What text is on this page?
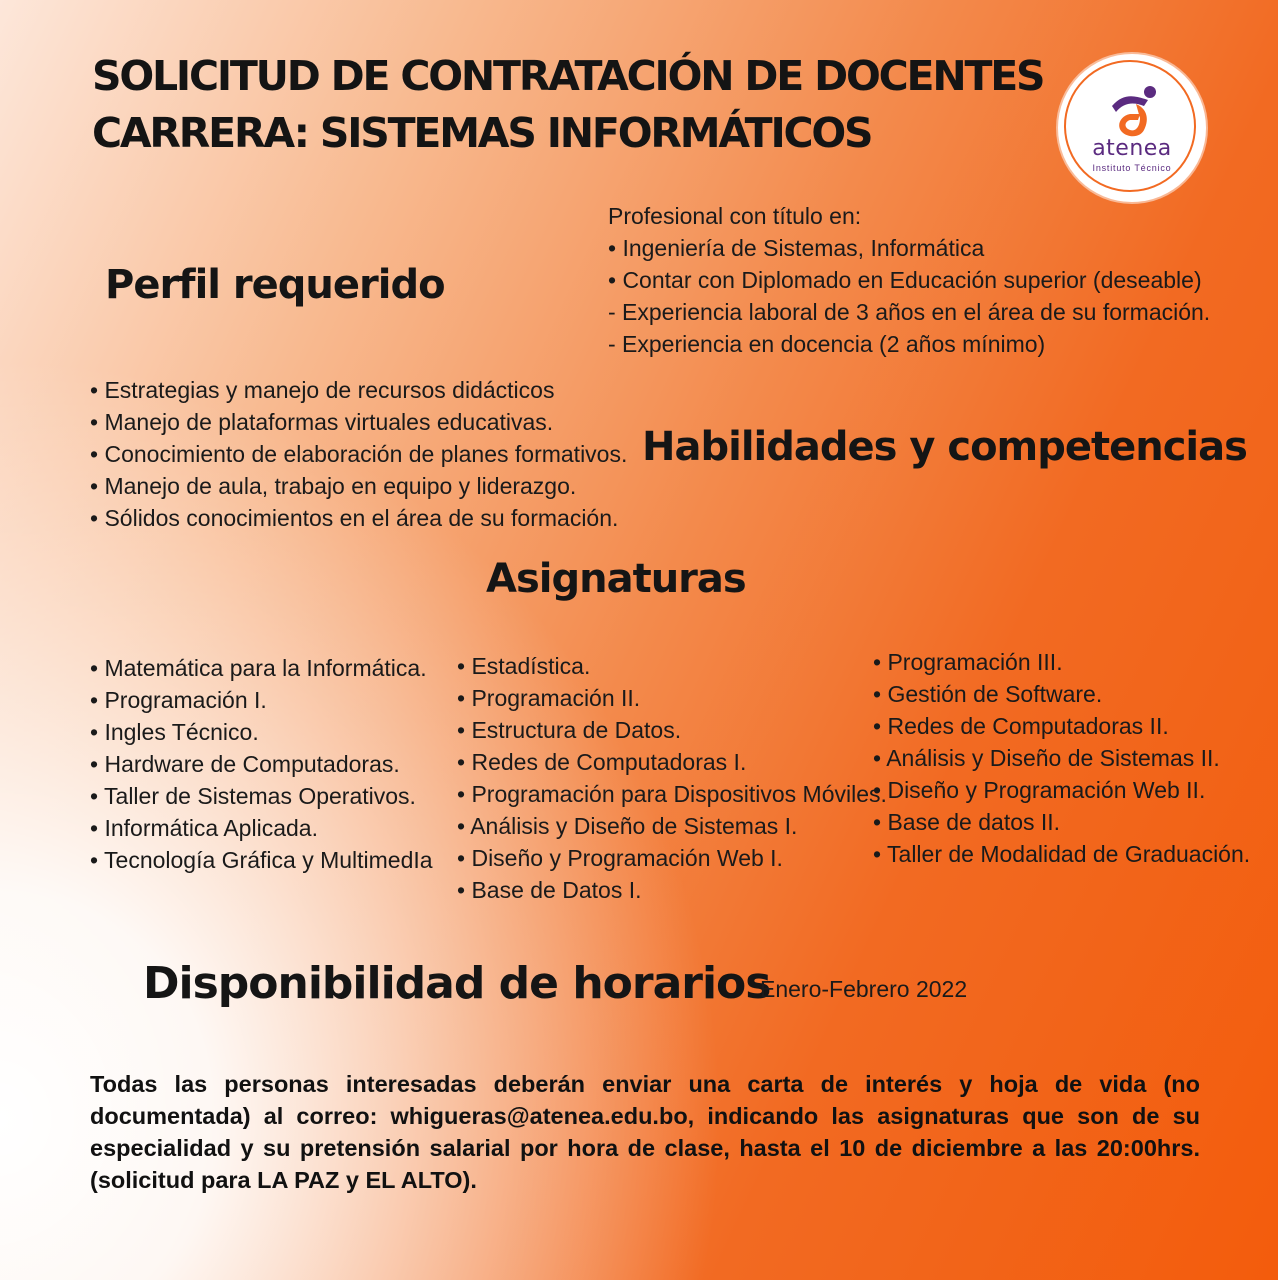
SOLICITUD DE CONTRATACIÓN DE DOCENTES
CARRERA: SISTEMAS INFORMÁTICOS	atenea
Instituto Técnico
Perfil requerido
Profesional con título en:
• Ingeniería de Sistemas, Informática
• Contar con Diplomado en Educación superior (deseable)
- Experiencia laboral de 3 años en el área de su formación.
- Experiencia en docencia (2 años mínimo)
• Estrategias y manejo de recursos didácticos
• Manejo de plataformas virtuales educativas.
• Conocimiento de elaboración de planes formativos.
• Manejo de aula, trabajo en equipo y liderazgo.
• Sólidos conocimientos en el área de su formación.
Habilidades y competencias
Asignaturas
• Matemática para la Informática.
• Programación I.
• Ingles Técnico.
• Hardware de Computadoras.
• Taller de Sistemas Operativos.
• Informática Aplicada.
• Tecnología Gráfica y MultimedIa
• Estadística.
• Programación II.
• Estructura de Datos.
• Redes de Computadoras I.
• Programación para Dispositivos Móviles.
• Análisis y Diseño de Sistemas I.
• Diseño y Programación Web I.
• Base de Datos I.
• Programación III.
• Gestión de Software.
• Redes de Computadoras II.
• Análisis y Diseño de Sistemas II.
• Diseño y Programación Web II.
• Base de datos II.
• Taller de Modalidad de Graduación.
Disponibilidad de horarios
Enero-Febrero 2022
Todas las personas interesadas deberán enviar una carta de interés y hoja de vida (no documentada) al correo: whigueras@atenea.edu.bo, indicando las asignaturas que son de su especialidad y su pretensión salarial por hora de clase, hasta el 10 de diciembre a las 20:00hrs. (solicitud para LA PAZ y EL ALTO).
